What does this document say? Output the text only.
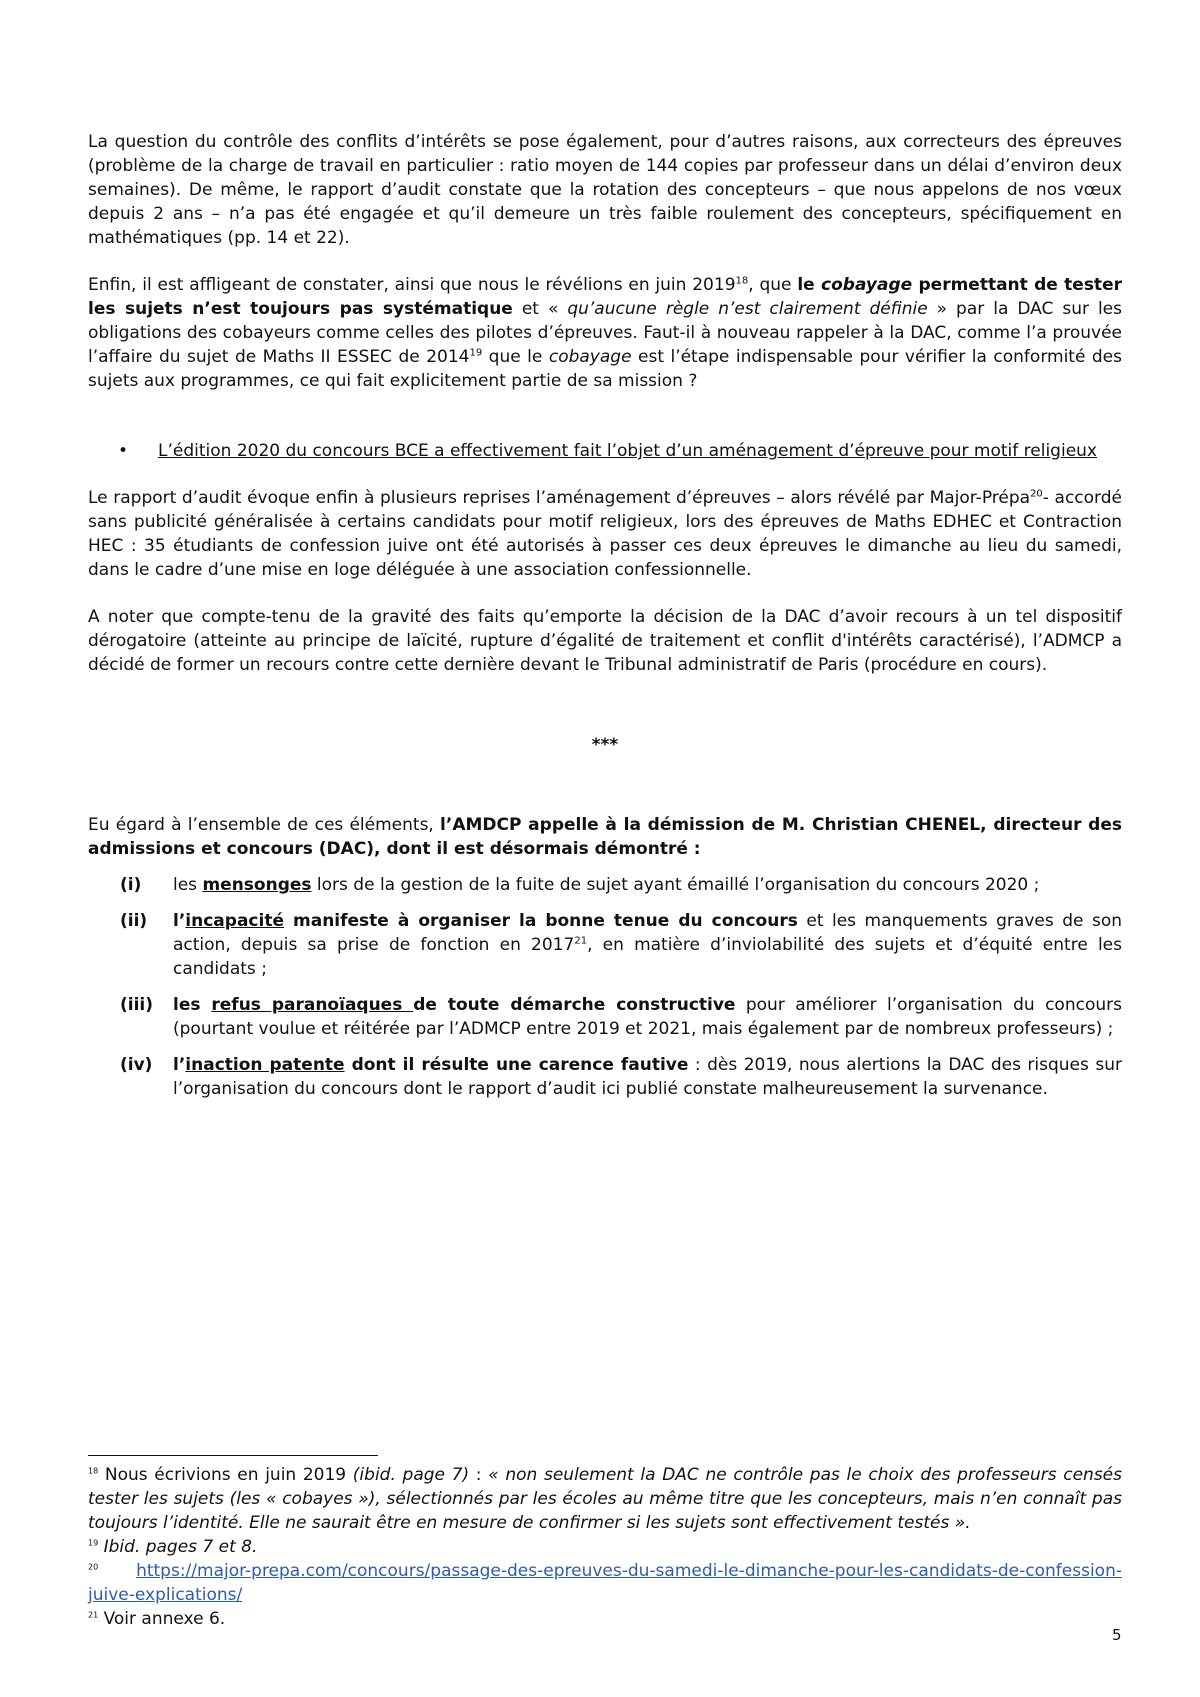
La question du contrôle des conflits d’intérêts se pose également, pour d’autres raisons, aux correcteurs des épreuves (problème de la charge de travail en particulier : ratio moyen de 144 copies par professeur dans un délai d’environ deux semaines). De même, le rapport d’audit constate que la rotation des concepteurs – que nous appelons de nos vœux depuis 2 ans – n’a pas été engagée et qu’il demeure un très faible roulement des concepteurs, spécifiquement en mathématiques (pp. 14 et 22).

Enfin, il est affligeant de constater, ainsi que nous le révélions en juin 2019$^{18}$, que le cobayage permettant de tester les sujets n’est toujours pas systématique et « qu’aucune règle n’est clairement définie » par la DAC sur les obligations des cobayeurs comme celles des pilotes d’épreuves. Faut-il à nouveau rappeler à la DAC, comme l’a prouvée l’affaire du sujet de Maths II ESSEC de 2014$^{19}$ que le cobayage est l’étape indispensable pour vérifier la conformité des sujets aux programmes, ce qui fait explicitement partie de sa mission ?

•	L’édition 2020 du concours BCE a effectivement fait l’objet d’un aménagement d’épreuve pour motif religieux

Le rapport d’audit évoque enfin à plusieurs reprises l’aménagement d’épreuves – alors révélé par Major-Prépa$^{20}$- accordé sans publicité généralisée à certains candidats pour motif religieux, lors des épreuves de Maths EDHEC et Contraction HEC : 35 étudiants de confession juive ont été autorisés à passer ces deux épreuves le dimanche au lieu du samedi, dans le cadre d’une mise en loge déléguée à une association confessionnelle.

A noter que compte-tenu de la gravité des faits qu’emporte la décision de la DAC d’avoir recours à un tel dispositif dérogatoire (atteinte au principe de laïcité, rupture d’égalité de traitement et conflit d'intérêts caractérisé), l’ADMCP a décidé de former un recours contre cette dernière devant le Tribunal administratif de Paris (procédure en cours).

***

Eu égard à l’ensemble de ces éléments, l’AMDCP appelle à la démission de M. Christian CHENEL, directeur des admissions et concours (DAC), dont il est désormais démontré :

(i)	les mensonges lors de la gestion de la fuite de sujet ayant émaillé l’organisation du concours 2020 ;
(ii)	l’incapacité manifeste à organiser la bonne tenue du concours et les manquements graves de son action, depuis sa prise de fonction en 2017$^{21}$, en matière d’inviolabilité des sujets et d’équité entre les candidats ;
(iii)	les refus paranoïaques de toute démarche constructive pour améliorer l’organisation du concours (pourtant voulue et réitérée par l’ADMCP entre 2019 et 2021, mais également par de nombreux professeurs) ;
(iv)	l’inaction patente dont il résulte une carence fautive : dès 2019, nous alertions la DAC des risques sur l’organisation du concours dont le rapport d’audit ici publié constate malheureusement la survenance.

$^{18}$ Nous écrivions en juin 2019 (ibid. page 7) : « non seulement la DAC ne contrôle pas le choix des professeurs censés tester les sujets (les « cobayes »), sélectionnés par les écoles au même titre que les concepteurs, mais n’en connaît pas toujours l’identité. Elle ne saurait être en mesure de confirmer si les sujets sont effectivement testés ».

$^{19}$ Ibid. pages 7 et 8.

$^{20}$ https://major-prepa.com/concours/passage-des-epreuves-du-samedi-le-dimanche-pour-les-candidats-de-confession-juive-explications/

$^{21}$ Voir annexe 6.

5
